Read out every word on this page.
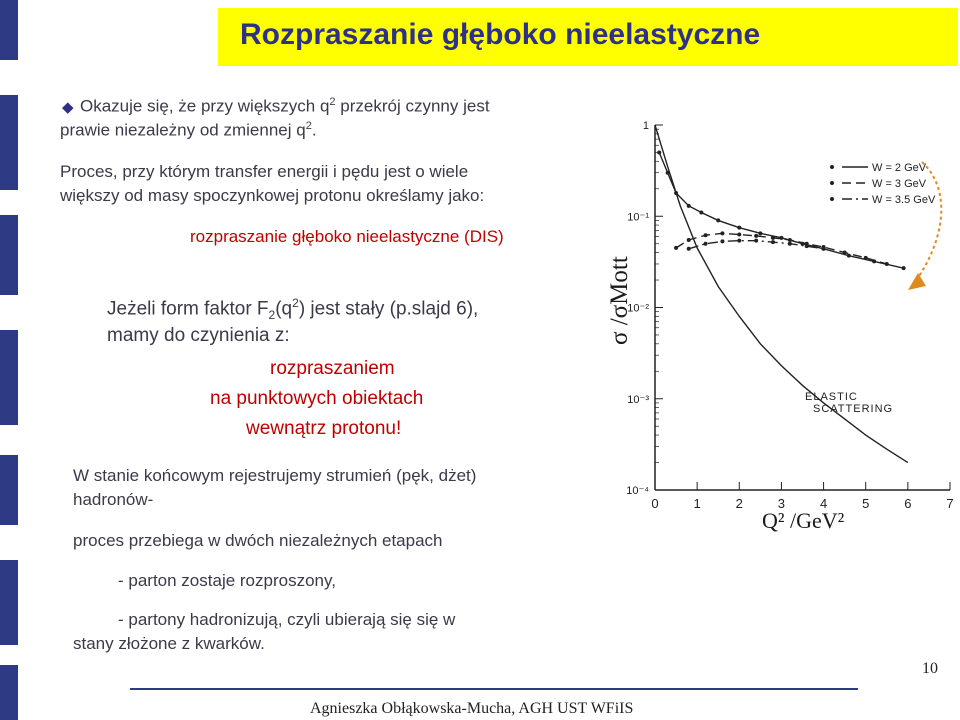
Rozpraszanie głęboko nieelastyczne
◆ Okazuje się, że przy większych $q^2$ przekrój czynny jest
prawie niezależny od zmiennej $q^2$.
Proces, przy którym transfer energii i pędu jest o wiele
większy od masy spoczynkowej protonu określamy jako:
rozpraszanie głęboko nieelastyczne (DIS)
Jeżeli form faktor $F_2(q^2)$ jest stały (p.slajd 6),
mamy do czynienia z:
rozpraszaniem
na punktowych obiektach
wewnątrz protonu!
W stanie końcowym rejestrujemy strumień (pęk, dżet)
hadronów-
proces przebiega w dwóch niezależnych etapach
- parton zostaje rozproszony,
- partony hadronizują, czyli ubierają się się w
stany złożone z kwarków.
0	1	2	3	4	5	6	7
1
10⁻¹
10⁻²
10⁻³
10⁻⁴
W = 2 GeV
W = 3 GeV
W = 3.5 GeV
ELASTIC
SCATTERING
σ /σMott
Q² /GeV²
10
Agnieszka Obłąkowska-Mucha, AGH UST WFiIS
